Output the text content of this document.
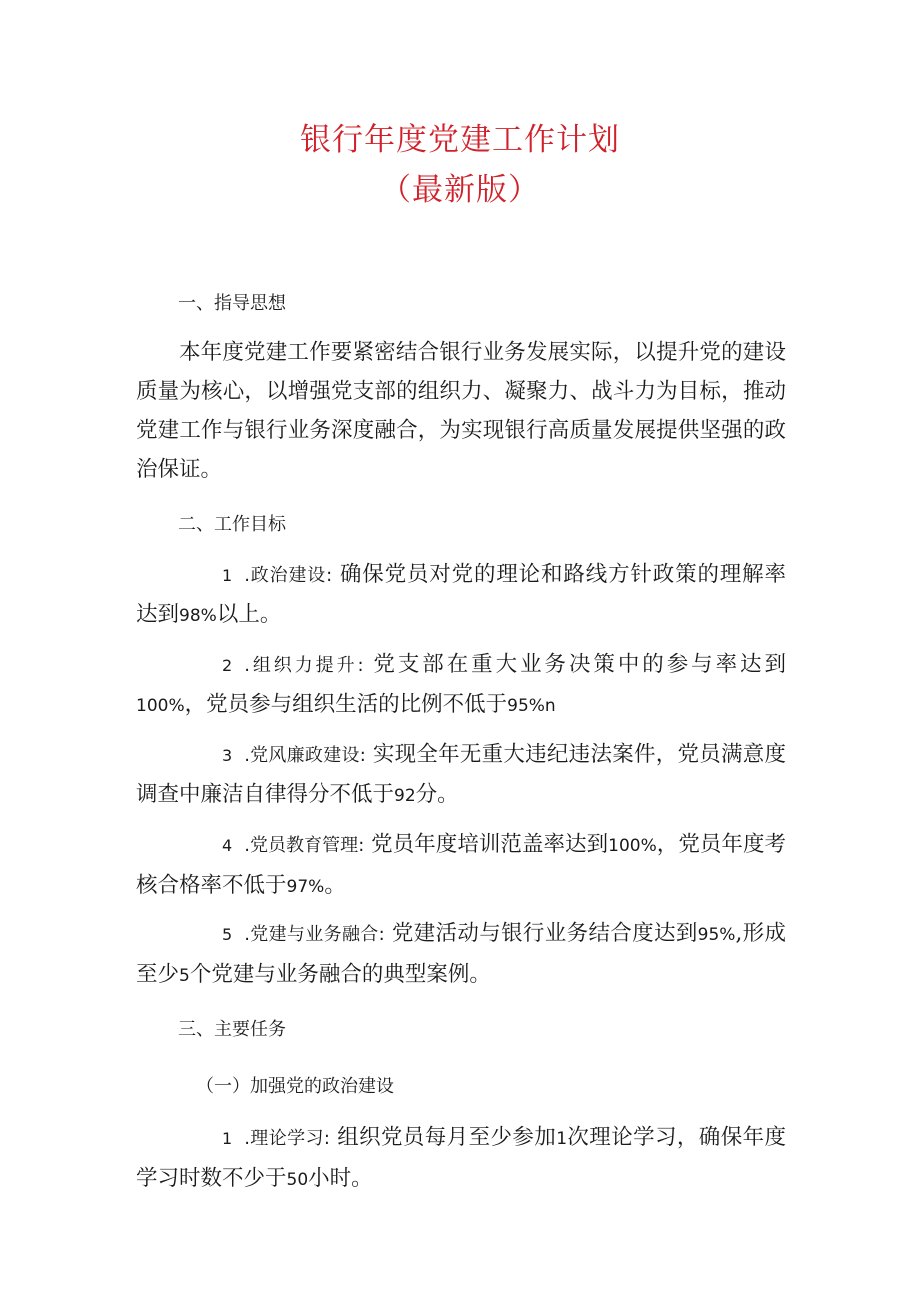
银行年度党建工作计划
（最新版）
一、指导思想
本年度党建工作要紧密结合银行业务发展实际，以提升党的建设质量为核心，以增强党支部的组织力、凝聚力、战斗力为目标，推动党建工作与银行业务深度融合，为实现银行高质量发展提供坚强的政治保证。
二、工作目标
1 .政治建设: 确保党员对党的理论和路线方针政策的理解率达到98%以上。
2 .组织力提升: 党支部在重大业务决策中的参与率达到100%，党员参与组织生活的比例不低于95%n
3 .党风廉政建设: 实现全年无重大违纪违法案件，党员满意度调查中廉洁自律得分不低于92分。
4 .党员教育管理: 党员年度培训范盖率达到100%，党员年度考核合格率不低于97%。
5 .党建与业务融合: 党建活动与银行业务结合度达到95%,形成至少5个党建与业务融合的典型案例。
三、主要任务
（一）加强党的政治建设
1 .理论学习: 组织党员每月至少参加1次理论学习，确保年度学习时数不少于50小时。
